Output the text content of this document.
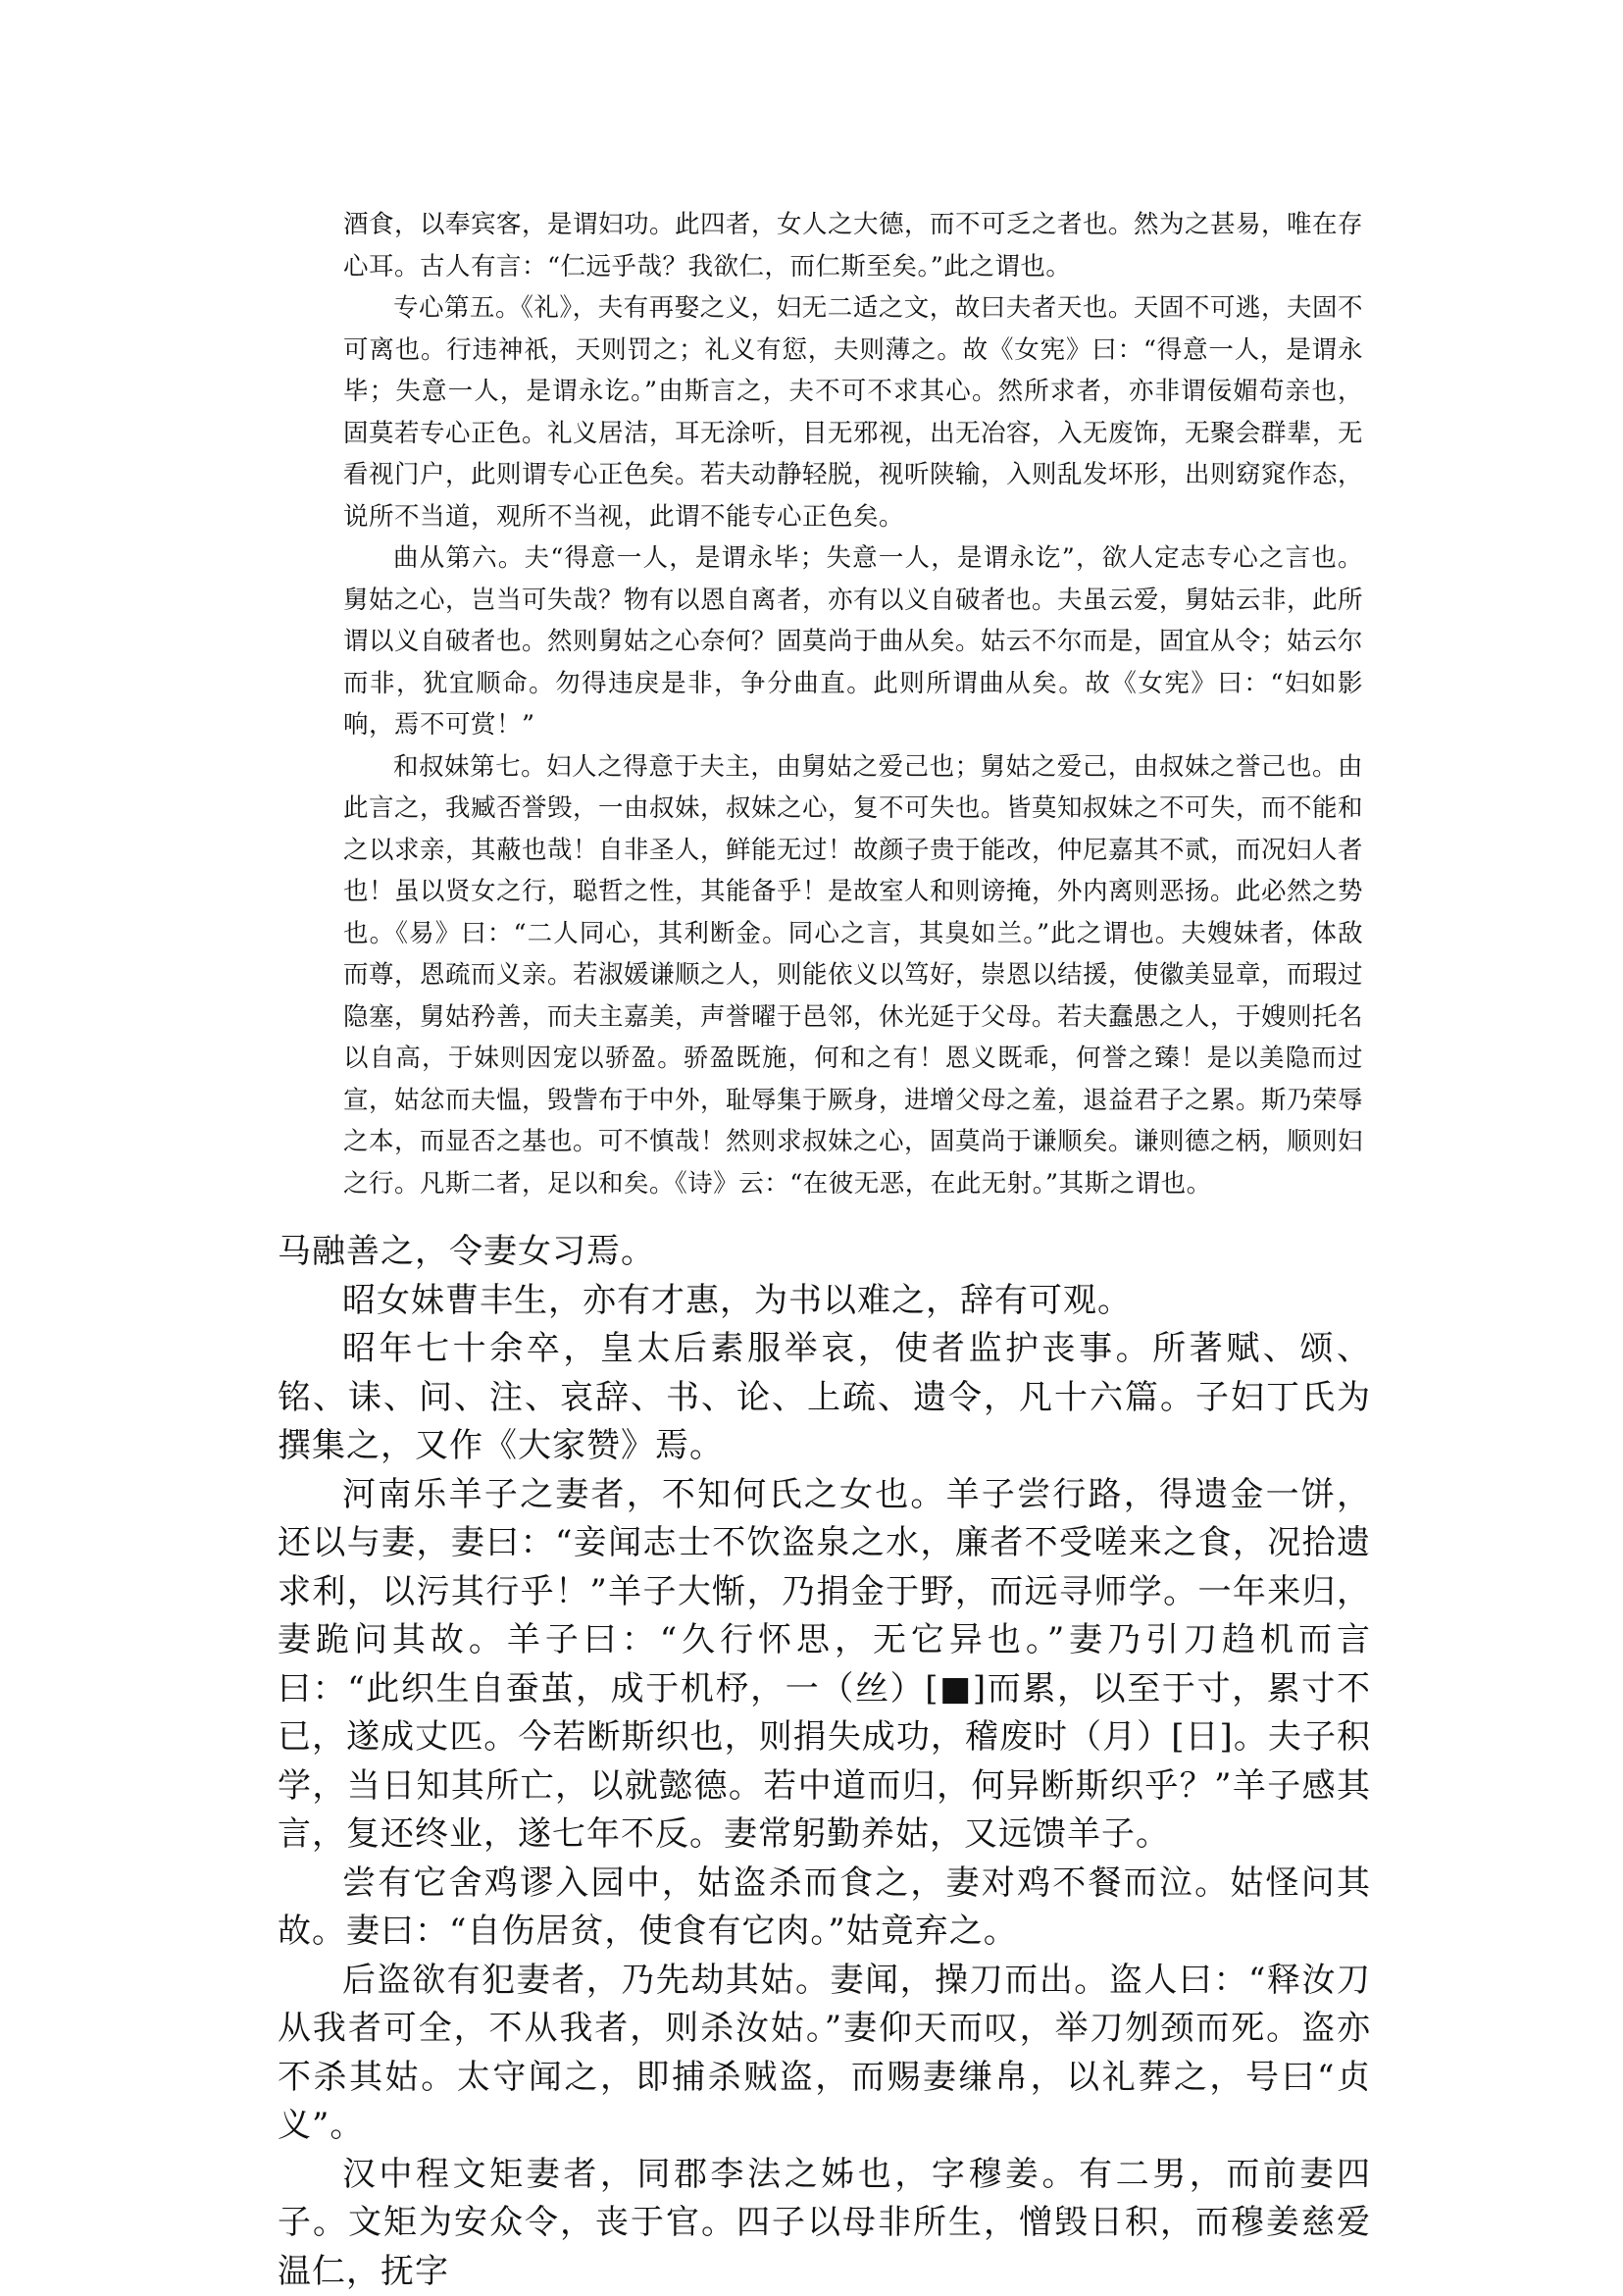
酒食，以奉宾客，是谓妇功。此四者，女人之大德，而不可乏之者也。然为之甚易，唯在存心耳。古人有言：“仁远乎哉？我欲仁，而仁斯至矣。”此之谓也。

专心第五。《礼》，夫有再娶之义，妇无二适之文，故曰夫者天也。天固不可逃，夫固不可离也。行违神祇，天则罚之；礼义有愆，夫则薄之。故《女宪》曰：“得意一人，是谓永毕；失意一人，是谓永讫。”由斯言之，夫不可不求其心。然所求者，亦非谓佞媚苟亲也，固莫若专心正色。礼义居洁，耳无涂听，目无邪视，出无冶容，入无废饰，无聚会群辈，无看视门户，此则谓专心正色矣。若夫动静轻脱，视听陕输，入则乱发坏形，出则窈窕作态，说所不当道，观所不当视，此谓不能专心正色矣。

曲从第六。夫“得意一人，是谓永毕；失意一人，是谓永讫”，欲人定志专心之言也。舅姑之心，岂当可失哉？物有以恩自离者，亦有以义自破者也。夫虽云爱，舅姑云非，此所谓以义自破者也。然则舅姑之心奈何？固莫尚于曲从矣。姑云不尔而是，固宜从令；姑云尔而非，犹宜顺命。勿得违戾是非，争分曲直。此则所谓曲从矣。故《女宪》曰：“妇如影响，焉不可赏！”

和叔妹第七。妇人之得意于夫主，由舅姑之爱己也；舅姑之爱己，由叔妹之誉己也。由此言之，我臧否誉毁，一由叔妹，叔妹之心，复不可失也。皆莫知叔妹之不可失，而不能和之以求亲，其蔽也哉！自非圣人，鲜能无过！故颜子贵于能改，仲尼嘉其不贰，而况妇人者也！虽以贤女之行，聪哲之性，其能备乎！是故室人和则谤掩，外内离则恶扬。此必然之势也。《易》曰：“二人同心，其利断金。同心之言，其臭如兰。”此之谓也。夫嫂妹者，体敌而尊，恩疏而义亲。若淑媛谦顺之人，则能依义以笃好，崇恩以结援，使徽美显章，而瑕过隐塞，舅姑矜善，而夫主嘉美，声誉曜于邑邻，休光延于父母。若夫蠢愚之人，于嫂则托名以自高，于妹则因宠以骄盈。骄盈既施，何和之有！恩义既乖，何誉之臻！是以美隐而过宣，姑忿而夫愠，毁訾布于中外，耻辱集于厥身，进增父母之羞，退益君子之累。斯乃荣辱之本，而显否之基也。可不慎哉！然则求叔妹之心，固莫尚于谦顺矣。谦则德之柄，顺则妇之行。凡斯二者，足以和矣。《诗》云：“在彼无恶，在此无射。”其斯之谓也。

马融善之，令妻女习焉。

昭女妹曹丰生，亦有才惠，为书以难之，辞有可观。

昭年七十余卒，皇太后素服举哀，使者监护丧事。所著赋、颂、铭、诔、问、注、哀辞、书、论、上疏、遗令，凡十六篇。子妇丁氏为撰集之，又作《大家赞》焉。

河南乐羊子之妻者，不知何氏之女也。羊子尝行路，得遗金一饼，还以与妻，妻曰：“妾闻志士不饮盗泉之水，廉者不受嗟来之食，况拾遗求利，以污其行乎！”羊子大惭，乃捐金于野，而远寻师学。一年来归，妻跪问其故。羊子曰：“久行怀思，无它异也。”妻乃引刀趋机而言曰：“此织生自蚕茧，成于机杼，一（丝）[■]而累，以至于寸，累寸不已，遂成丈匹。今若断斯织也，则捐失成功，稽废时（月）[日]。夫子积学，当日知其所亡，以就懿德。若中道而归，何异断斯织乎？”羊子感其言，复还终业，遂七年不反。妻常躬勤养姑，又远馈羊子。

尝有它舍鸡谬入园中，姑盗杀而食之，妻对鸡不餐而泣。姑怪问其故。妻曰：“自伤居贫，使食有它肉。”姑竟弃之。

后盗欲有犯妻者，乃先劫其姑。妻闻，操刀而出。盗人曰：“释汝刀从我者可全，不从我者，则杀汝姑。”妻仰天而叹，举刀刎颈而死。盗亦不杀其姑。太守闻之，即捕杀贼盗，而赐妻缣帛，以礼葬之，号曰“贞义”。

汉中程文矩妻者，同郡李法之姊也，字穆姜。有二男，而前妻四子。文矩为安众令，丧于官。四子以母非所生，憎毁日积，而穆姜慈爱温仁，抚字
